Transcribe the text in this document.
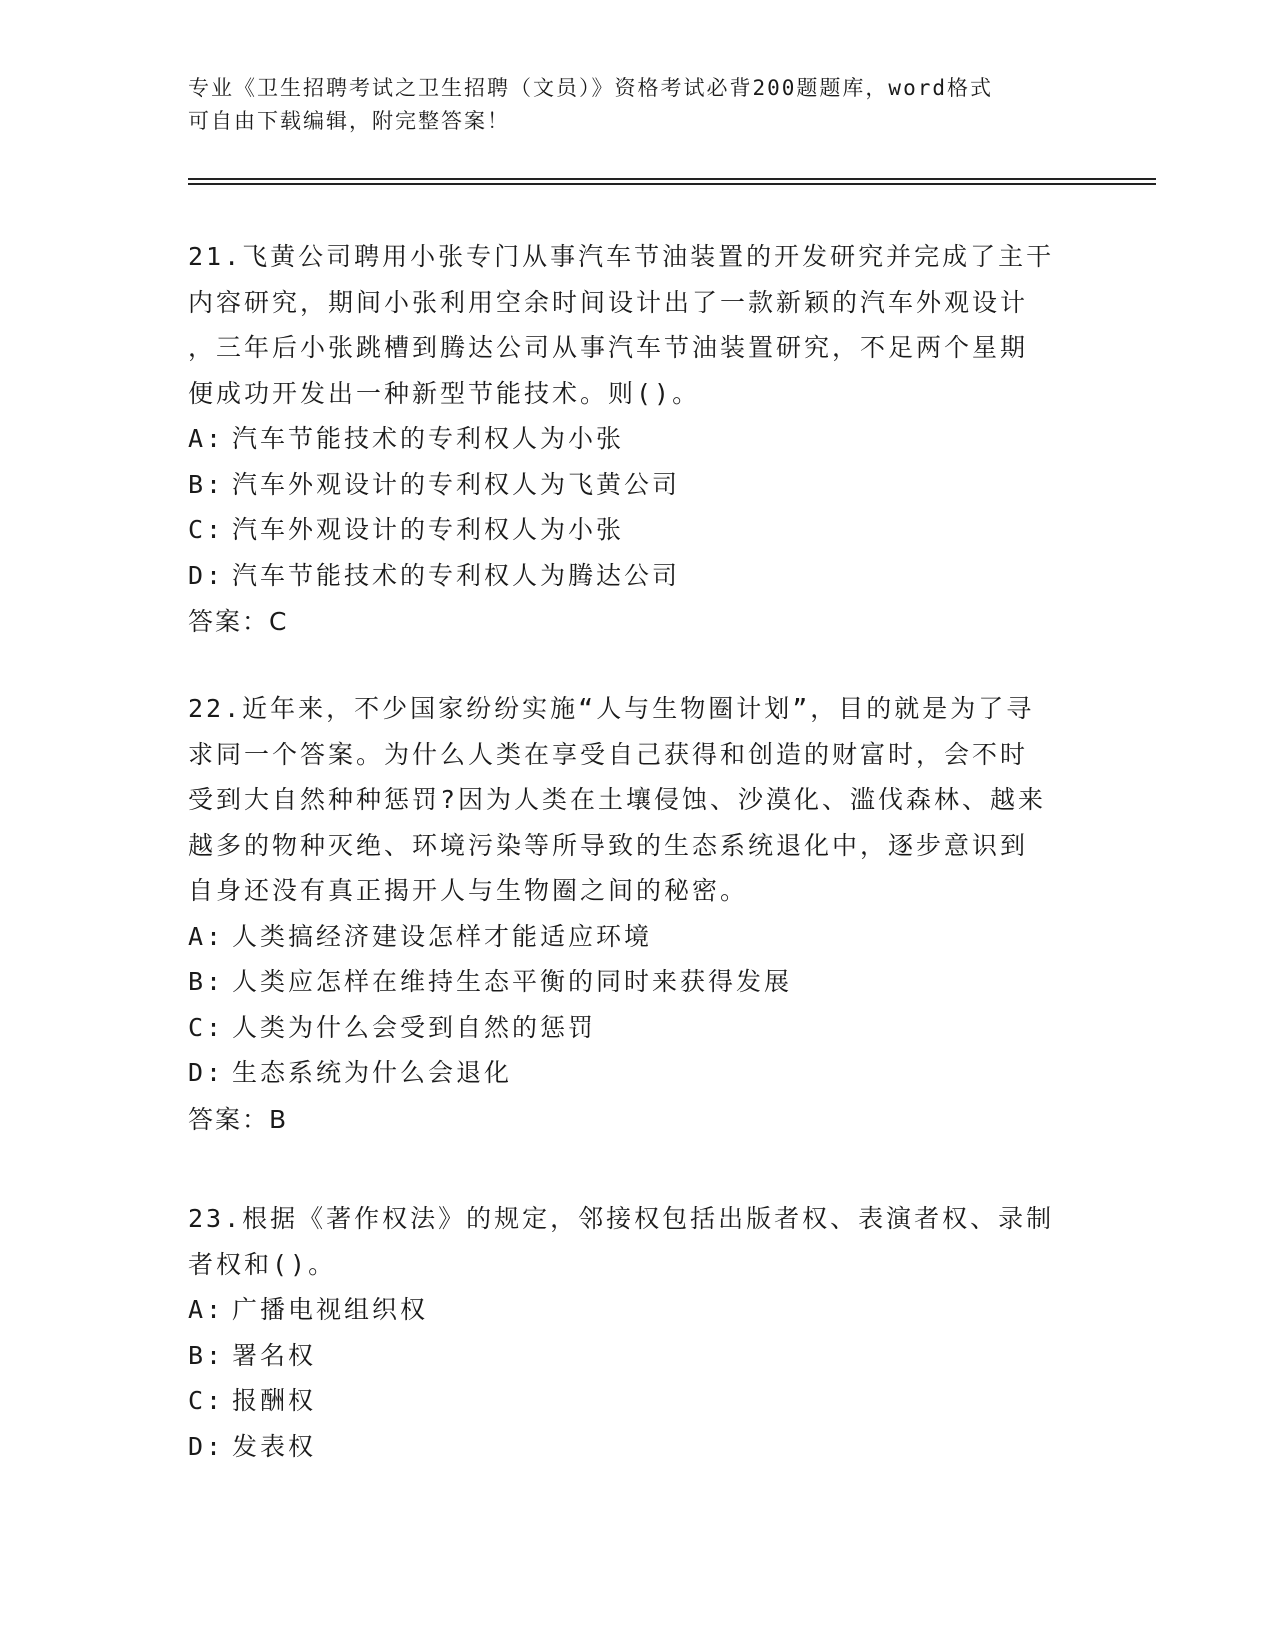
专业《卫生招聘考试之卫生招聘（文员）》资格考试必背200题题库，word格式
可自由下载编辑，附完整答案！

21.飞黄公司聘用小张专门从事汽车节油装置的开发研究并完成了主干
内容研究，期间小张利用空余时间设计出了一款新颖的汽车外观设计
，三年后小张跳槽到腾达公司从事汽车节油装置研究，不足两个星期
便成功开发出一种新型节能技术。则()。

A: 汽车节能技术的专利权人为小张

B: 汽车外观设计的专利权人为飞黄公司

C: 汽车外观设计的专利权人为小张

D: 汽车节能技术的专利权人为腾达公司

答案：C

22.近年来，不少国家纷纷实施“人与生物圈计划”，目的就是为了寻
求同一个答案。为什么人类在享受自己获得和创造的财富时，会不时
受到大自然种种惩罚?因为人类在土壤侵蚀、沙漠化、滥伐森林、越来
越多的物种灭绝、环境污染等所导致的生态系统退化中，逐步意识到
自身还没有真正揭开人与生物圈之间的秘密。

A: 人类搞经济建设怎样才能适应环境

B: 人类应怎样在维持生态平衡的同时来获得发展

C: 人类为什么会受到自然的惩罚

D: 生态系统为什么会退化

答案：B

23.根据《著作权法》的规定，邻接权包括出版者权、表演者权、录制
者权和()。

A: 广播电视组织权

B: 署名权

C: 报酬权

D: 发表权
